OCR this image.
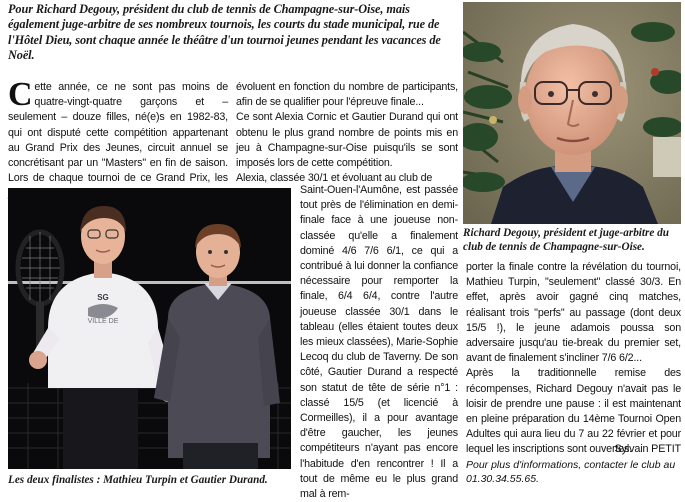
Pour Richard Degouy, président du club de tennis de Champagne-sur-Oise, mais également juge-arbitre de ses nombreux tournois, les courts du stade municipal, rue de l'Hôtel Dieu, sont chaque année le théâtre d'un tournoi jeunes pendant les vacances de Noël.
Richard Degouy, président et juge-arbitre du club de tennis de Champagne-sur-Oise.
Cette année, ce ne sont pas moins de quatre-vingt-quatre garçons et – seulement – douze filles, né(e)s en 1982-83, qui ont disputé cette compétition appartenant au Grand Prix des Jeunes, circuit annuel se concrétisant par un "Masters" en fin de saison. Lors de chaque tournoi de ce Grand Prix, les
évoluent en fonction du nombre de participants, afin de se qualifier pour l'épreuve finale...
Ce sont Alexia Cornic et Gautier Durand qui ont obtenu le plus grand nombre de points mis en jeu à Champagne-sur-Oise puisqu'ils se sont imposés lors de cette compétition.
Alexia, classée 30/1 et évoluant au club de
VILLE DE
SG
Les deux finalistes : Mathieu Turpin et Gautier Durand.
Saint-Ouen-l'Aumône, est passée tout près de l'élimination en demi-finale face à une joueuse non-classée qu'elle a finalement dominé 4/6 7/6 6/1, ce qui a contribué à lui donner la confiance nécessaire pour remporter la finale, 6/4 6/4, contre l'autre joueuse classée 30/1 dans le tableau (elles étaient toutes deux les mieux classées), Marie-Sophie Lecoq du club de Taverny. De son côté, Gautier Durand a respecté son statut de tête de série n°1 : classé 15/5 (et licencié à Cormeilles), il a pour avantage d'être gaucher, les jeunes compétiteurs n'ayant pas encore l'habitude d'en rencontrer ! Il a tout de même eu le plus grand mal à rem-
porter la finale contre la révélation du tournoi, Mathieu Turpin, "seulement" classé 30/3. En effet, après avoir gagné cinq matches, réalisant trois "perfs" au passage (dont deux 15/5 !), le jeune adamois poussa son adversaire jusqu'au tie-break du premier set, avant de finalement s'incliner 7/6 6/2...
Après la traditionnelle remise des récompenses, Richard Degouy n'avait pas le loisir de prendre une pause : il est maintenant en pleine préparation du 14ème Tournoi Open Adultes qui aura lieu du 7 au 22 février et pour lequel les inscriptions sont ouvertes.
Sylvain PETIT
Pour plus d'informations, contacter le club au 01.30.34.55.65.
